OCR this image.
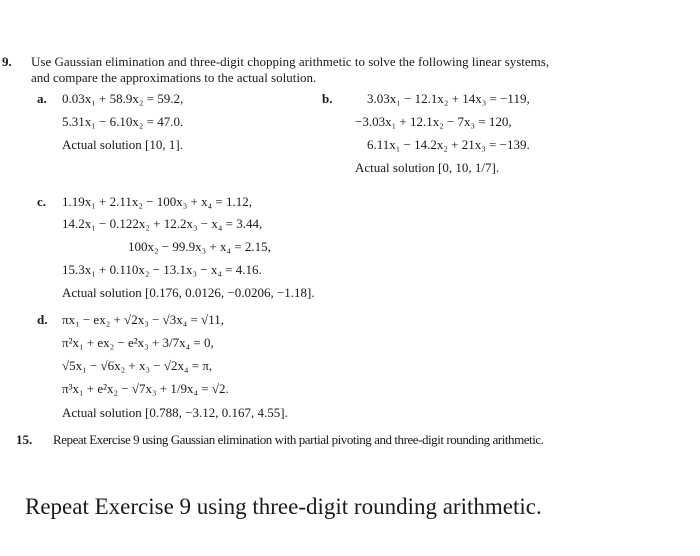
9. Use Gaussian elimination and three-digit chopping arithmetic to solve the following linear systems,
and compare the approximations to the actual solution.
a. 0.03x₁ + 58.9x₂ = 59.2,
5.31x₁ − 6.10x₂ = 47.0.
Actual solution [10, 1].
b.	3.03x₁ − 12.1x₂ + 14x₃ = −119,
−3.03x₁ + 12.1x₂ − 7x₃ = 120,
6.11x₁ − 14.2x₂ + 21x₃ = −139.
Actual solution [0, 10, 1/7].
c. 1.19x₁ + 2.11x₂ − 100x₃ + x₄ = 1.12,
14.2x₁ − 0.122x₂ + 12.2x₃ − x₄ = 3.44,
100x₂ − 99.9x₃ + x₄ = 2.15,
15.3x₁ + 0.110x₂ − 13.1x₃ − x₄ = 4.16.
Actual solution [0.176, 0.0126, −0.0206, −1.18].
d. πx₁ − ex₂ + √2x₃ − √3x₄ = √11,
π²x₁ + ex₂ − e²x₃ + 3/7x₄ = 0,
√5x₁ − √6x₂ + x₃ − √2x₄ = π,
π³x₁ + e²x₂ − √7x₃ + 1/9x₄ = √2.
Actual solution [0.788, −3.12, 0.167, 4.55].
15. Repeat Exercise 9 using Gaussian elimination with partial pivoting and three-digit rounding arithmetic.
Repeat Exercise 9 using three-digit rounding arithmetic.
